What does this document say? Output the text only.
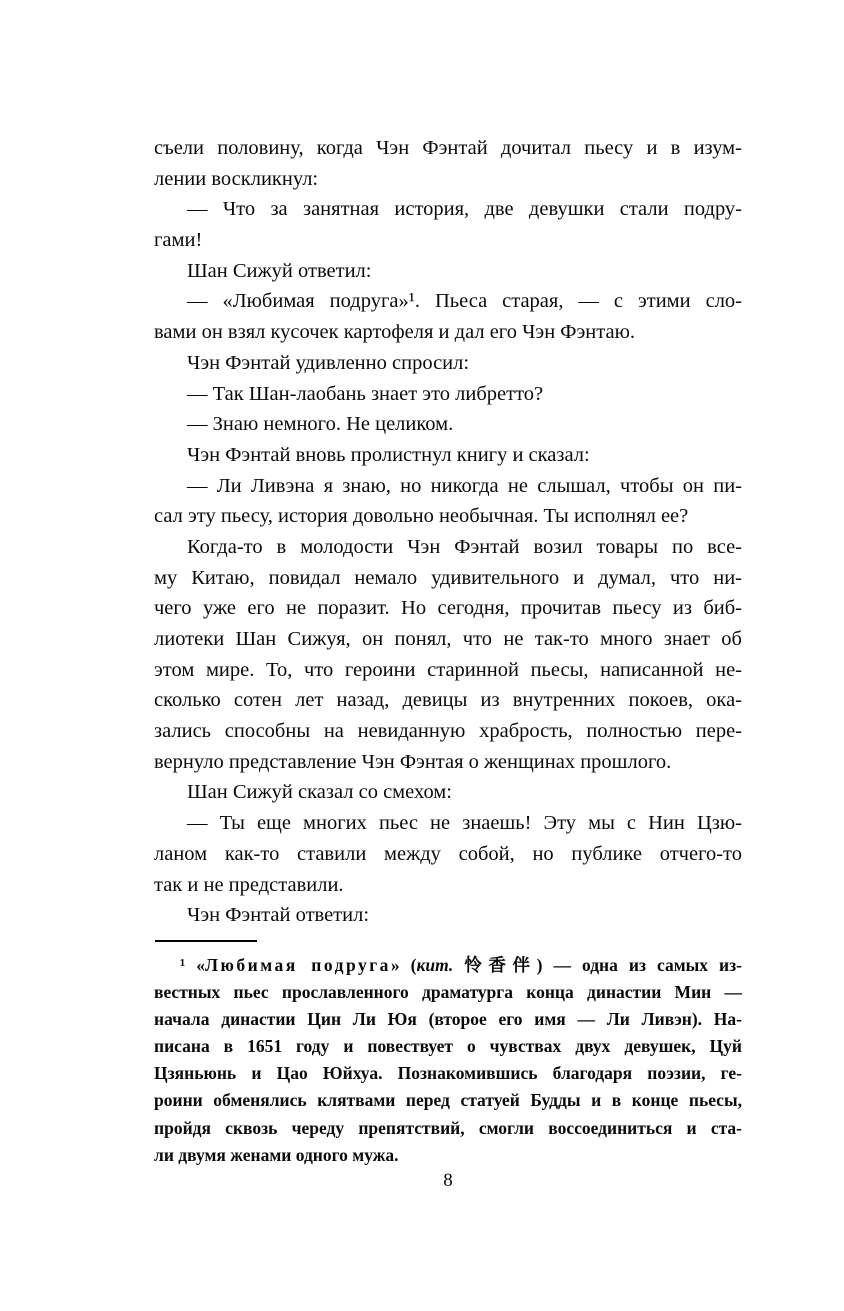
съели половину, когда Чэн Фэнтай дочитал пьесу и в изум-
лении воскликнул:
— Что за занятная история, две девушки стали подру-
гами!
Шан Сижуй ответил:
— «Любимая подруга»¹. Пьеса старая, — с этими сло-
вами он взял кусочек картофеля и дал его Чэн Фэнтаю.
Чэн Фэнтай удивленно спросил:
— Так Шан-лаобань знает это либретто?
— Знаю немного. Не целиком.
Чэн Фэнтай вновь пролистнул книгу и сказал:
— Ли Ливэна я знаю, но никогда не слышал, чтобы он пи-
сал эту пьесу, история довольно необычная. Ты исполнял ее?
Когда-то в молодости Чэн Фэнтай возил товары по все-
му Китаю, повидал немало удивительного и думал, что ни-
чего уже его не поразит. Но сегодня, прочитав пьесу из биб-
лиотеки Шан Сижуя, он понял, что не так-то много знает об
этом мире. То, что героини старинной пьесы, написанной не-
сколько сотен лет назад, девицы из внутренних покоев, ока-
зались способны на невиданную храбрость, полностью пере-
вернуло представление Чэн Фэнтая о женщинах прошлого.
Шан Сижуй сказал со смехом:
— Ты еще многих пьес не знаешь! Эту мы с Нин Цзю-
ланом как-то ставили между собой, но публике отчего-то
так и не представили.
Чэн Фэнтай ответил:
¹ «Любимая подруга» (кит. 怜香伴) — одна из самых из-
вестных пьес прославленного драматурга конца династии Мин —
начала династии Цин Ли Юя (второе его имя — Ли Ливэн). На-
писана в 1651 году и повествует о чувствах двух девушек, Цуй
Цзяньюнь и Цао Юйхуа. Познакомившись благодаря поэзии, ге-
роини обменялись клятвами перед статуей Будды и в конце пьесы,
пройдя сквозь череду препятствий, смогли воссоединиться и ста-
ли двумя женами одного мужа.
8
